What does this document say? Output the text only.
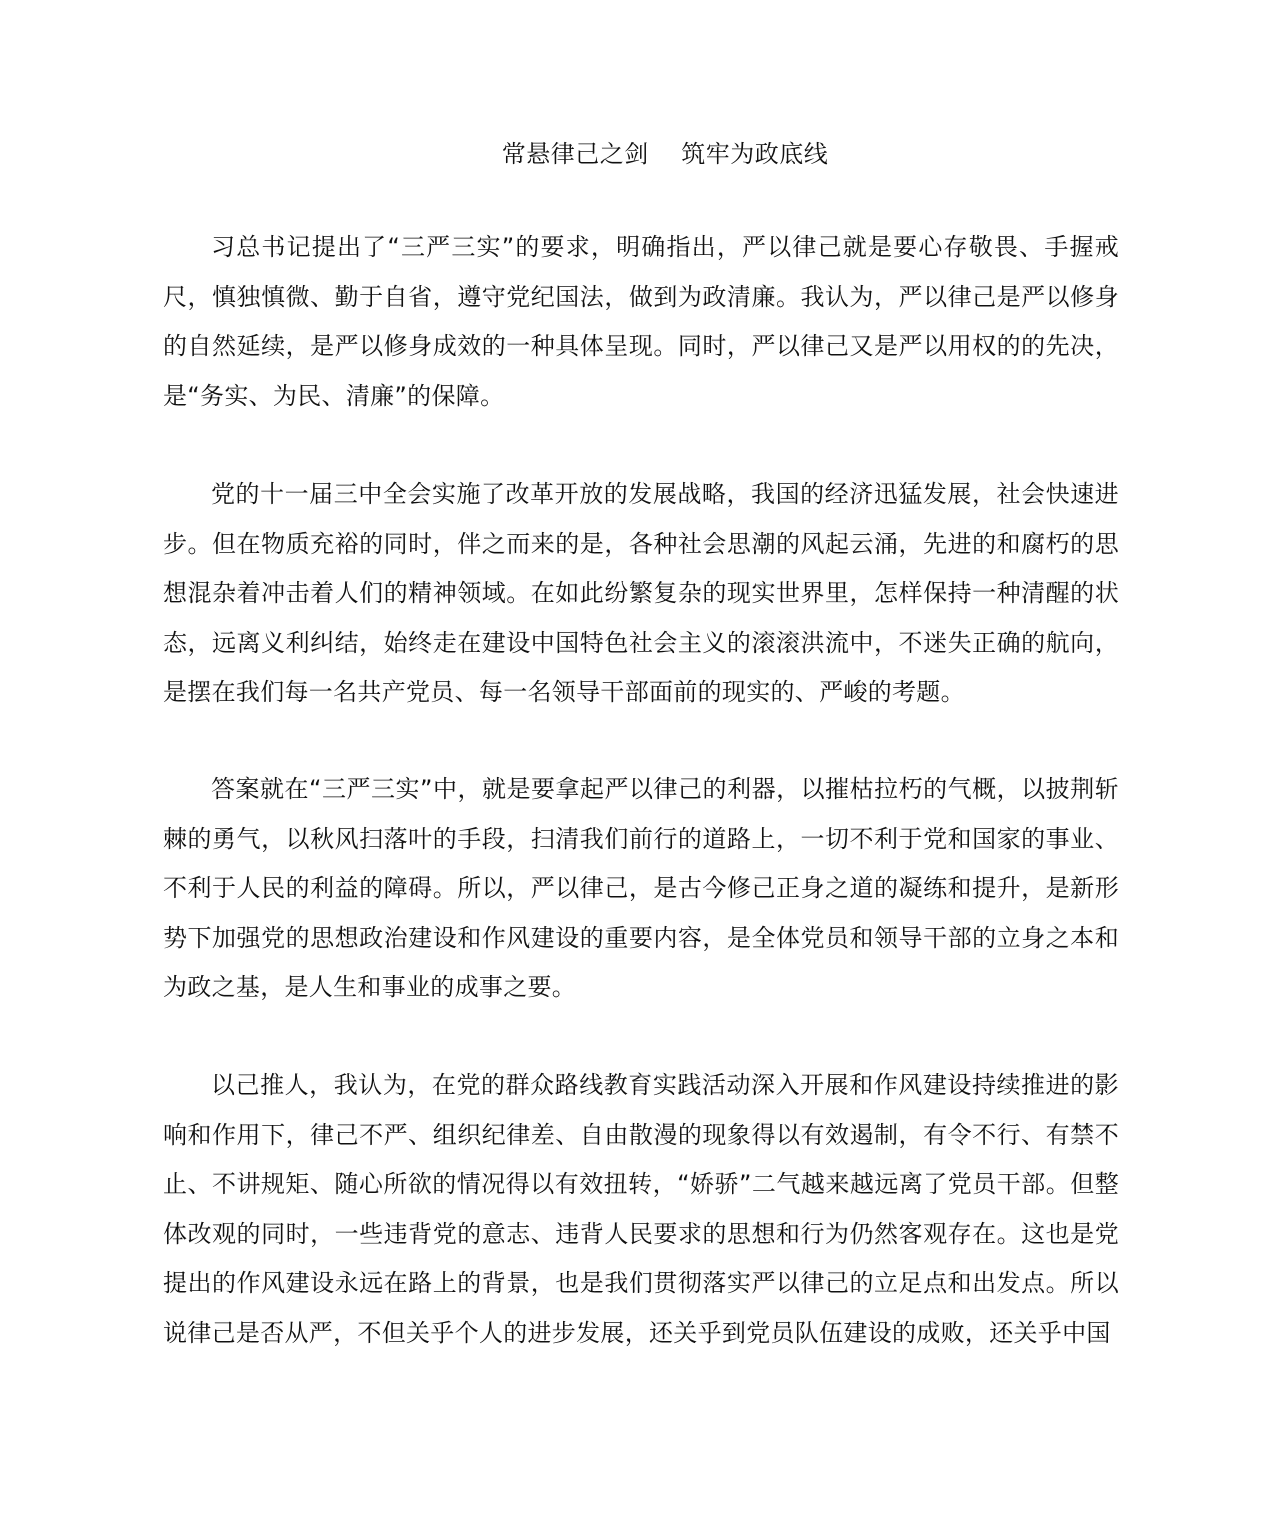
常悬律己之剑    筑牢为政底线

习总书记提出了“三严三实”的要求，明确指出，严以律己就是要心存敬畏、手握戒尺，慎独慎微、勤于自省，遵守党纪国法，做到为政清廉。我认为，严以律己是严以修身的自然延续，是严以修身成效的一种具体呈现。同时，严以律己又是严以用权的的先决，是“务实、为民、清廉”的保障。

党的十一届三中全会实施了改革开放的发展战略，我国的经济迅猛发展，社会快速进步。但在物质充裕的同时，伴之而来的是，各种社会思潮的风起云涌，先进的和腐朽的思想混杂着冲击着人们的精神领域。在如此纷繁复杂的现实世界里，怎样保持一种清醒的状态，远离义利纠结，始终走在建设中国特色社会主义的滚滚洪流中，不迷失正确的航向，是摆在我们每一名共产党员、每一名领导干部面前的现实的、严峻的考题。

答案就在“三严三实”中，就是要拿起严以律己的利器，以摧枯拉朽的气概，以披荆斩棘的勇气，以秋风扫落叶的手段，扫清我们前行的道路上，一切不利于党和国家的事业、不利于人民的利益的障碍。所以，严以律己，是古今修己正身之道的凝练和提升，是新形势下加强党的思想政治建设和作风建设的重要内容，是全体党员和领导干部的立身之本和为政之基，是人生和事业的成事之要。

以己推人，我认为，在党的群众路线教育实践活动深入开展和作风建设持续推进的影响和作用下，律己不严、组织纪律差、自由散漫的现象得以有效遏制，有令不行、有禁不止、不讲规矩、随心所欲的情况得以有效扭转，“娇骄”二气越来越远离了党员干部。但整体改观的同时，一些违背党的意志、违背人民要求的思想和行为仍然客观存在。这也是党提出的作风建设永远在路上的背景，也是我们贯彻落实严以律己的立足点和出发点。所以说律己是否从严，不但关乎个人的进步发展，还关乎到党员队伍建设的成败，还关乎中国
